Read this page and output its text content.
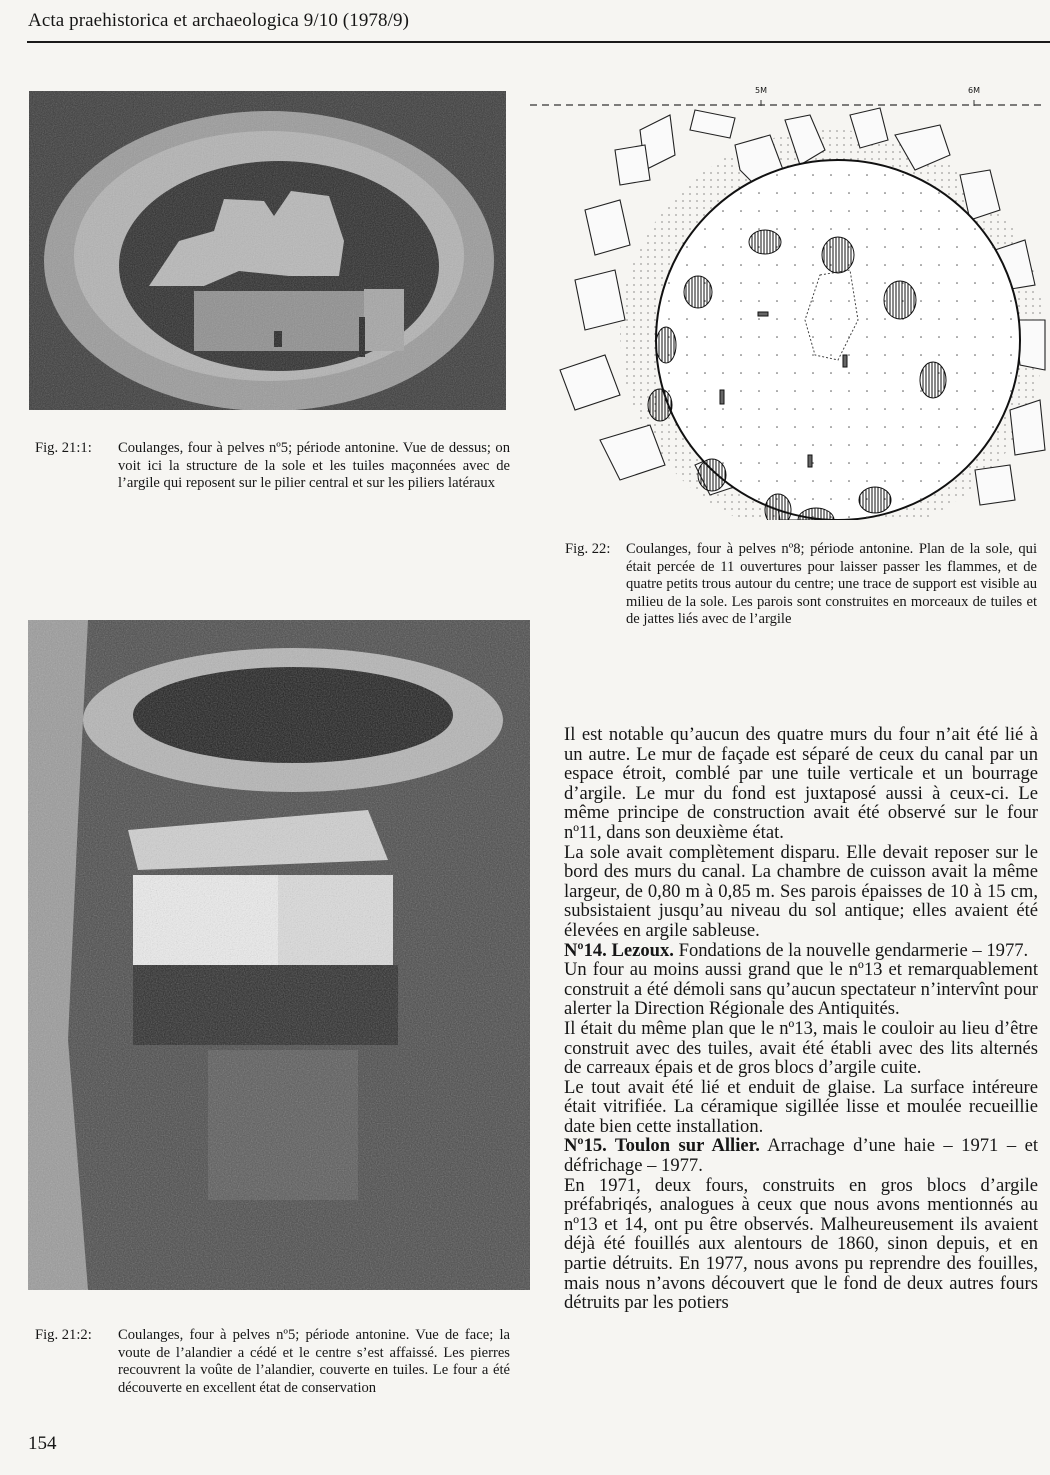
Acta praehistorica et archaeologica 9/10 (1978/9)
Fig. 21:1:	Coulanges, four à pelves nº5; période antonine. Vue de dessus; on voit ici la structure de la sole et les tuiles maçonnées avec de l’argile qui reposent sur le pilier central et sur les piliers latéraux
5M	6M
Fig. 22:	Coulanges, four à pelves nº8; période antonine. Plan de la sole, qui était percée de 11 ouvertures pour laisser passer les flammes, et de quatre petits trous autour du centre; une trace de support est visible au milieu de la sole. Les parois sont construites en morceaux de tuiles et de jattes liés avec de l’argile
Fig. 21:2:	Coulanges, four à pelves nº5; période antonine. Vue de face; la voute de l’alandier a cédé et le centre s’est affaissé. Les pierres recouvrent la voûte de l’alandier, couverte en tuiles. Le four a été découverte en excellent état de conservation

Il est notable qu’aucun des quatre murs du four n’ait été lié à un autre. Le mur de façade est séparé de ceux du canal par un espace étroit, comblé par une tuile verticale et un bourrage d’argile. Le mur du fond est juxtaposé aussi à ceux-ci. Le même principe de construction avait été observé sur le four nº11, dans son deuxième état.

La sole avait complètement disparu. Elle devait reposer sur le bord des murs du canal. La chambre de cuisson avait la même largeur, de 0,80 m à 0,85 m. Ses parois épaisses de 10 à 15 cm, subsistaient jusqu’au niveau du sol antique; elles avaient été élevées en argile sableuse.

Nº14. Lezoux. Fondations de la nouvelle gendarmerie – 1977.

Un four au moins aussi grand que le nº13 et remarquablement construit a été démoli sans qu’aucun spectateur n’intervînt pour alerter la Direction Régionale des Antiquités.

Il était du même plan que le nº13, mais le couloir au lieu d’être construit avec des tuiles, avait été établi avec des lits alternés de carreaux épais et de gros blocs d’argile cuite.

Le tout avait été lié et enduit de glaise. La surface intéreure était vitrifiée. La céramique sigillée lisse et moulée recueillie date bien cette installation.

Nº15. Toulon sur Allier. Arrachage d’une haie – 1971 – et défrichage – 1977.

En 1971, deux fours, construits en gros blocs d’argile préfabriqés, analogues à ceux que nous avons mentionnés au nº13 et 14, ont pu être observés. Malheureusement ils avaient déjà été fouillés aux alentours de 1860, sinon depuis, et en partie détruits. En 1977, nous avons pu reprendre des fouilles, mais nous n’avons découvert que le fond de deux autres fours détruits par les potiers

154
